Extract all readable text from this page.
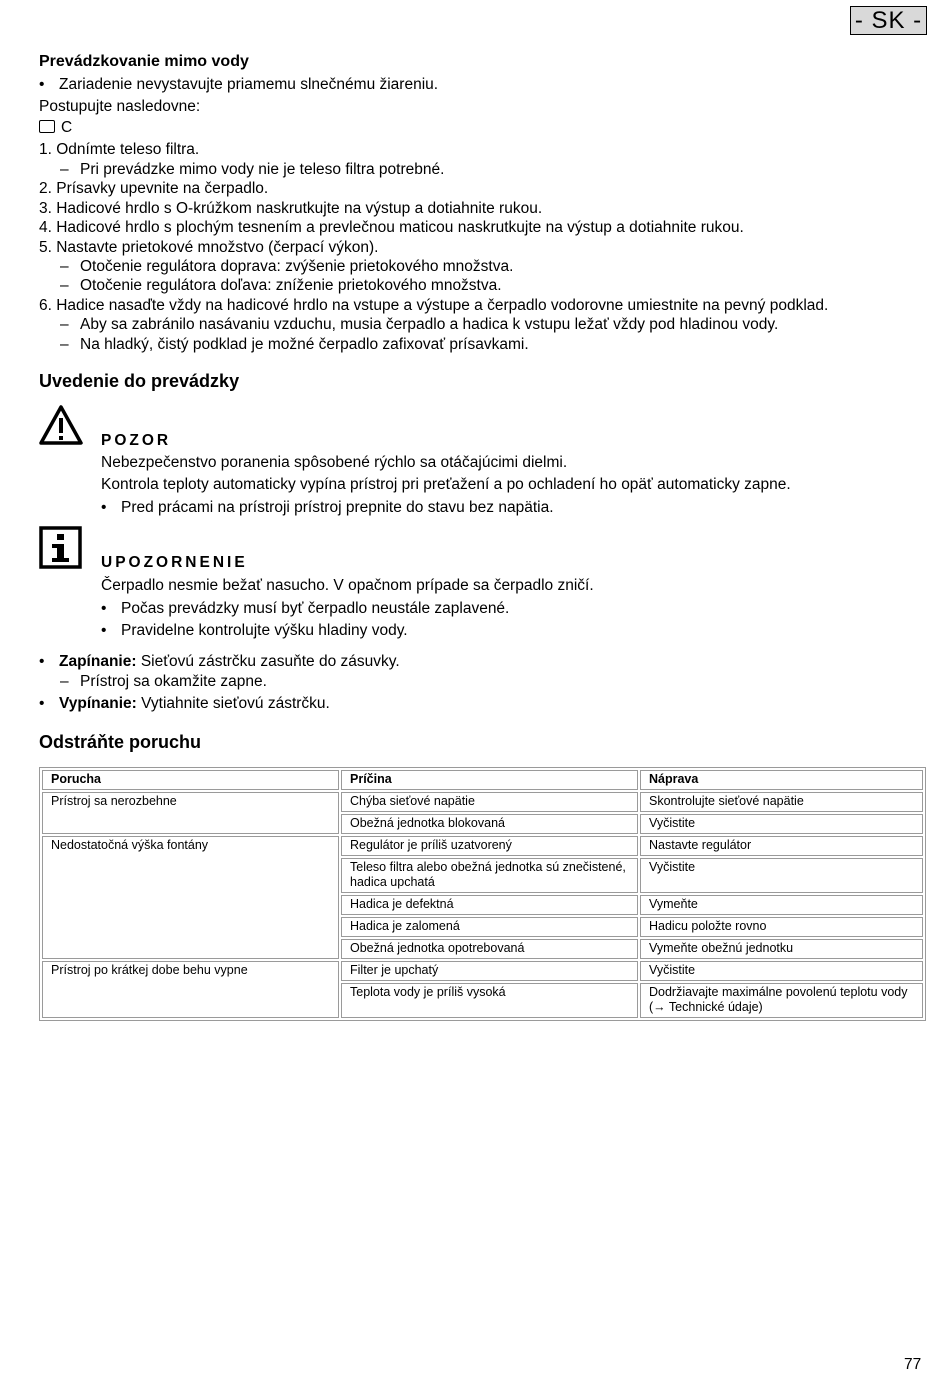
- SK -
Prevádzkovanie mimo vody
• Zariadenie nevystavujte priamemu slnečnému žiareniu.
Postupujte nasledovne:
C
1. Odnímte teleso filtra.
– Pri prevádzke mimo vody nie je teleso filtra potrebné.
2. Prísavky upevnite na čerpadlo.
3. Hadicové hrdlo s O-krúžkom naskrutkujte na výstup a dotiahnite rukou.
4. Hadicové hrdlo s plochým tesnením a prevlečnou maticou naskrutkujte na výstup a dotiahnite rukou.
5. Nastavte prietokové množstvo (čerpací výkon).
– Otočenie regulátora doprava: zvýšenie prietokového množstva.
– Otočenie regulátora doľava: zníženie prietokového množstva.
6. Hadice nasaďte vždy na hadicové hrdlo na vstupe a výstupe a čerpadlo vodorovne umiestnite na pevný podklad.
– Aby sa zabránilo nasávaniu vzduchu, musia čerpadlo a hadica k vstupu ležať vždy pod hladinou vody.
– Na hladký, čistý podklad je možné čerpadlo zafixovať prísavkami.
Uvedenie do prevádzky
POZOR
Nebezpečenstvo poranenia spôsobené rýchlo sa otáčajúcimi dielmi.
Kontrola teploty automaticky vypína prístroj pri preťažení a po ochladení ho opäť automaticky zapne.
• Pred prácami na prístroji prístroj prepnite do stavu bez napätia.
UPOZORNENIE
Čerpadlo nesmie bežať nasucho. V opačnom prípade sa čerpadlo zničí.
• Počas prevádzky musí byť čerpadlo neustále zaplavené.
• Pravidelne kontrolujte výšku hladiny vody.
• Zapínanie: Sieťovú zástrčku zasuňte do zásuvky.
– Prístroj sa okamžite zapne.
• Vypínanie: Vytiahnite sieťovú zástrčku.
Odstráňte poruchu
Porucha	Príčina	Náprava
Prístroj sa nerozbehne	Chýba sieťové napätie	Skontrolujte sieťové napätie
	Obežná jednotka blokovaná	Vyčistite
Nedostatočná výška fontány	Regulátor je príliš uzatvorený	Nastavte regulátor
	Teleso filtra alebo obežná jednotka sú znečistené, hadica upchatá	Vyčistite
	Hadica je defektná	Vymeňte
	Hadica je zalomená	Hadicu položte rovno
	Obežná jednotka opotrebovaná	Vymeňte obežnú jednotku
Prístroj po krátkej dobe behu vypne	Filter je upchatý	Vyčistite
	Teplota vody je príliš vysoká	Dodržiavajte maximálne povolenú teplotu vody (→ Technické údaje)
77
